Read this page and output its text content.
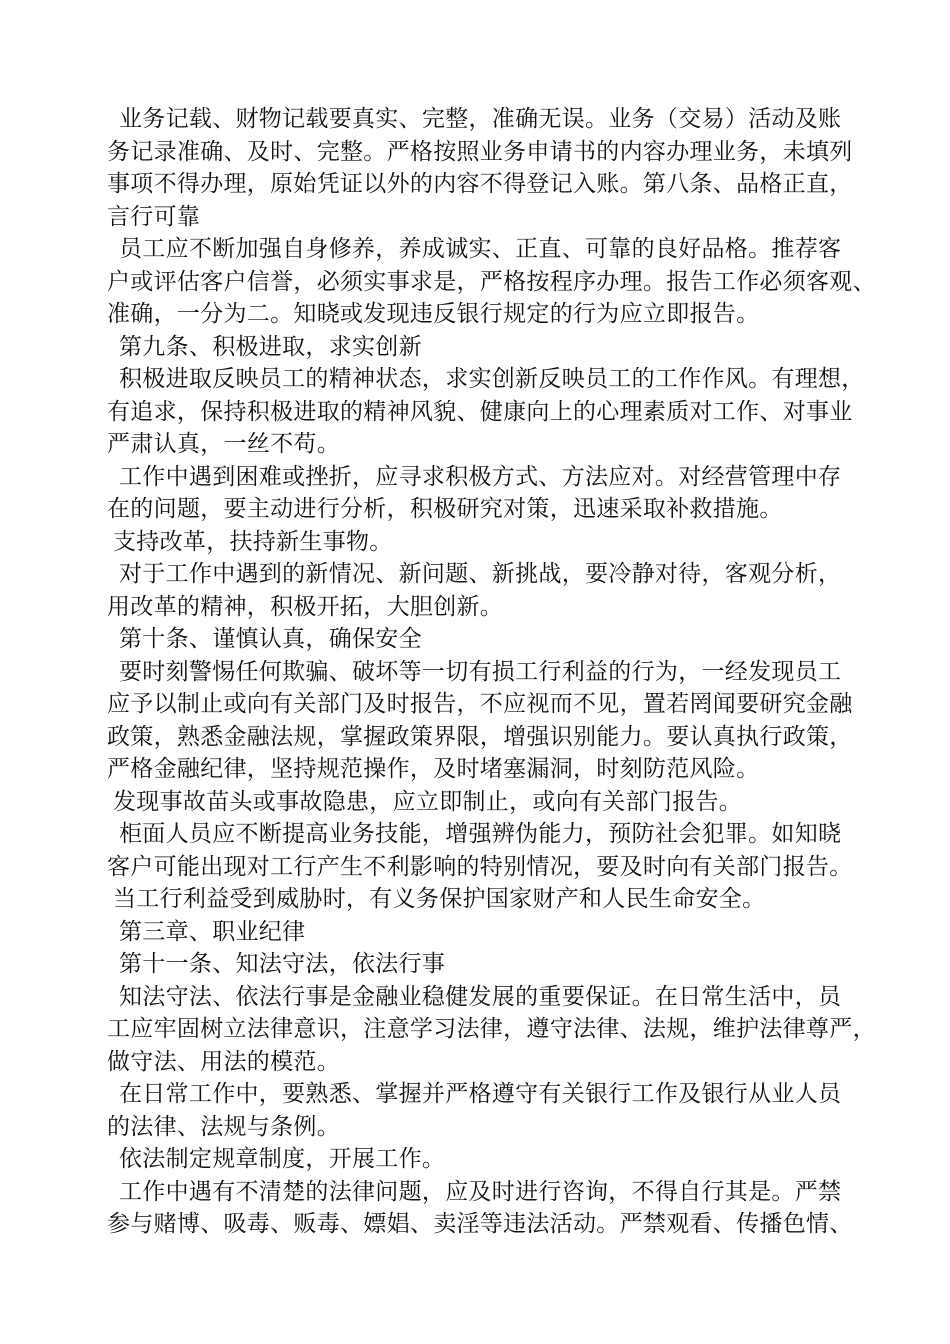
业务记载、财物记载要真实、完整，准确无误。业务（交易）活动及账
务记录准确、及时、完整。严格按照业务申请书的内容办理业务，未填列
事项不得办理，原始凭证以外的内容不得登记入账。第八条、品格正直，
言行可靠
员工应不断加强自身修养，养成诚实、正直、可靠的良好品格。推荐客
户或评估客户信誉，必须实事求是，严格按程序办理。报告工作必须客观、
准确，一分为二。知晓或发现违反银行规定的行为应立即报告。
第九条、积极进取，求实创新
积极进取反映员工的精神状态，求实创新反映员工的工作作风。有理想，
有追求，保持积极进取的精神风貌、健康向上的心理素质对工作、对事业
严肃认真，一丝不苟。
工作中遇到困难或挫折，应寻求积极方式、方法应对。对经营管理中存
在的问题，要主动进行分析，积极研究对策，迅速采取补救措施。
支持改革，扶持新生事物。
对于工作中遇到的新情况、新问题、新挑战，要冷静对待，客观分析，
用改革的精神，积极开拓，大胆创新。
第十条、谨慎认真，确保安全
要时刻警惕任何欺骗、破坏等一切有损工行利益的行为，一经发现员工
应予以制止或向有关部门及时报告，不应视而不见，置若罔闻要研究金融
政策，熟悉金融法规，掌握政策界限，增强识别能力。要认真执行政策，
严格金融纪律，坚持规范操作，及时堵塞漏洞，时刻防范风险。
发现事故苗头或事故隐患，应立即制止，或向有关部门报告。
柜面人员应不断提高业务技能，增强辨伪能力，预防社会犯罪。如知晓
客户可能出现对工行产生不利影响的特别情况，要及时向有关部门报告。
当工行利益受到威胁时，有义务保护国家财产和人民生命安全。
第三章、职业纪律
第十一条、知法守法，依法行事
知法守法、依法行事是金融业稳健发展的重要保证。在日常生活中，员
工应牢固树立法律意识，注意学习法律，遵守法律、法规，维护法律尊严，
做守法、用法的模范。
在日常工作中，要熟悉、掌握并严格遵守有关银行工作及银行从业人员
的法律、法规与条例。
依法制定规章制度，开展工作。
工作中遇有不清楚的法律问题，应及时进行咨询，不得自行其是。严禁
参与赌博、吸毒、贩毒、嫖娼、卖淫等违法活动。严禁观看、传播色情、
